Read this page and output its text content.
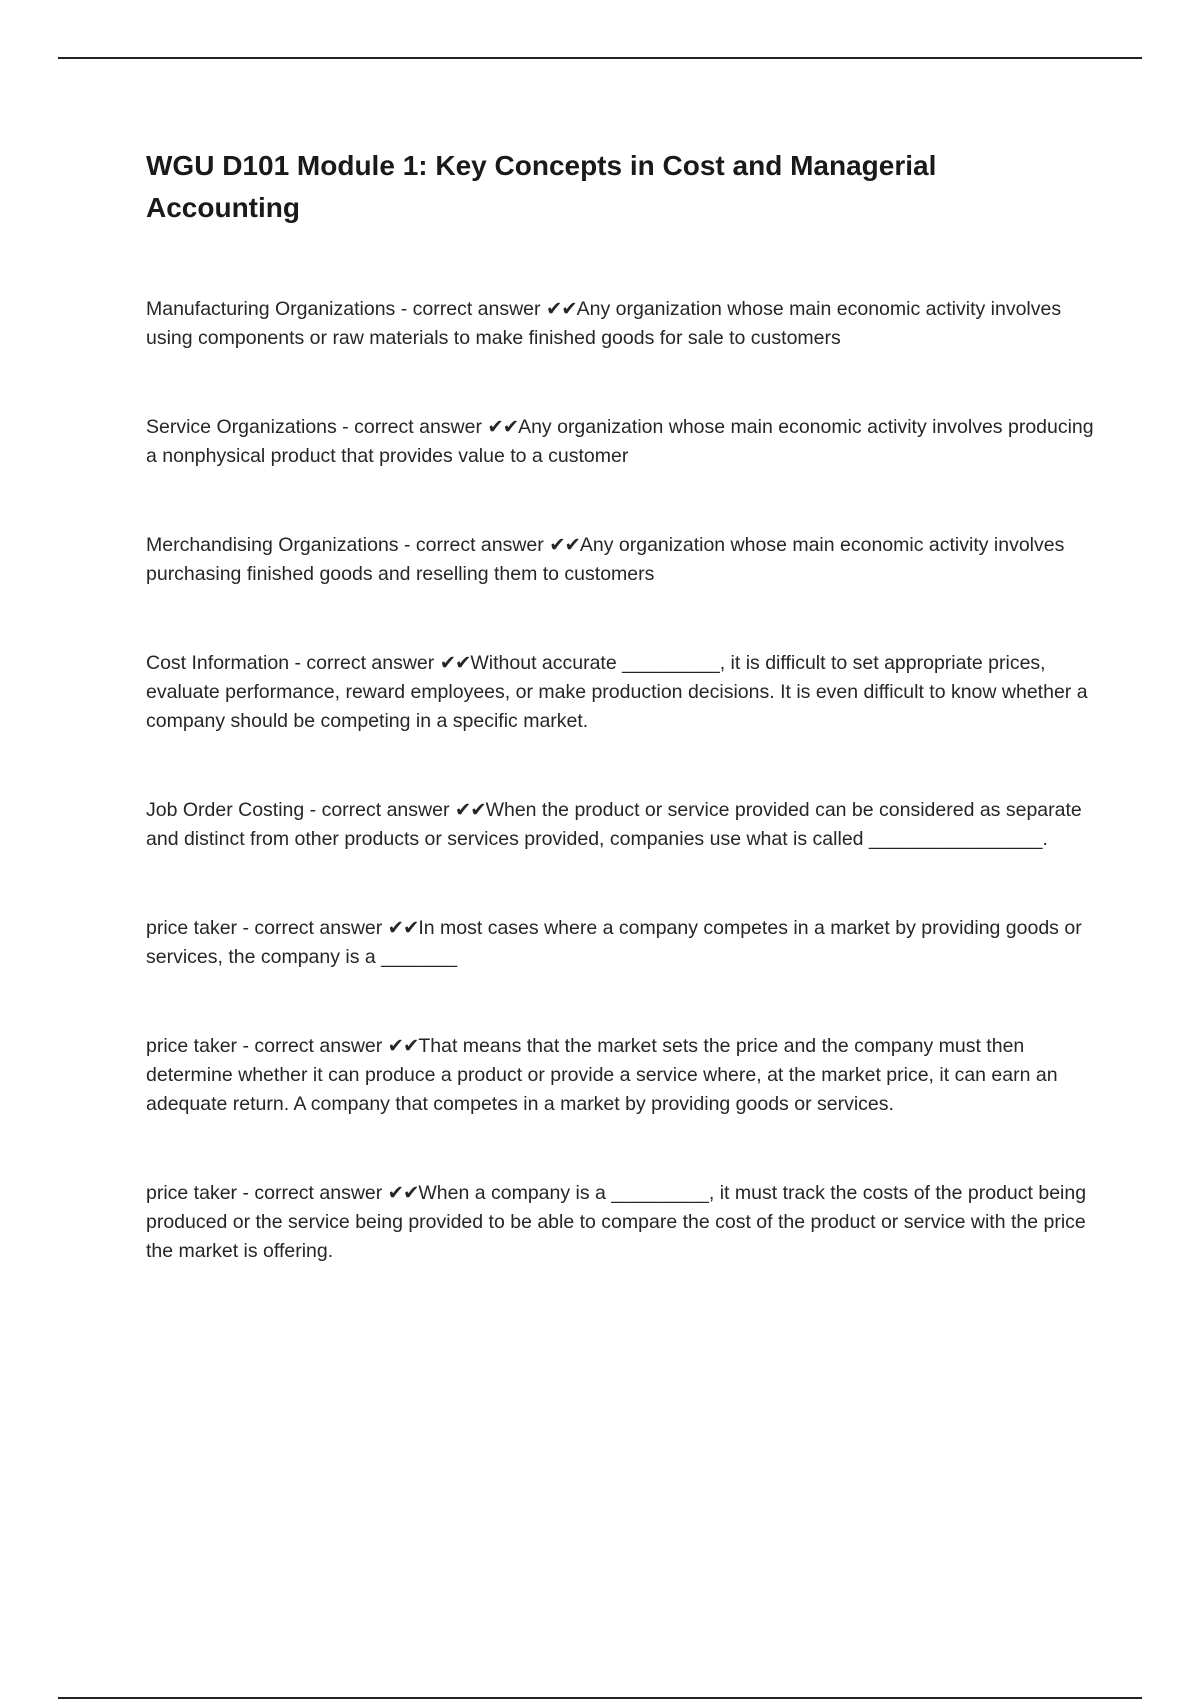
WGU D101 Module 1: Key Concepts in Cost and Managerial Accounting

Manufacturing Organizations - correct answer ✔✔Any organization whose main economic activity involves using components or raw materials to make finished goods for sale to customers

Service Organizations - correct answer ✔✔Any organization whose main economic activity involves producing a nonphysical product that provides value to a customer

Merchandising Organizations - correct answer ✔✔Any organization whose main economic activity involves purchasing finished goods and reselling them to customers

Cost Information - correct answer ✔✔Without accurate _________, it is difficult to set appropriate prices, evaluate performance, reward employees, or make production decisions. It is even difficult to know whether a company should be competing in a specific market.

Job Order Costing - correct answer ✔✔When the product or service provided can be considered as separate and distinct from other products or services provided, companies use what is called ________________.

price taker - correct answer ✔✔In most cases where a company competes in a market by providing goods or services, the company is a _______

price taker - correct answer ✔✔That means that the market sets the price and the company must then determine whether it can produce a product or provide a service where, at the market price, it can earn an adequate return. A company that competes in a market by providing goods or services.

price taker - correct answer ✔✔When a company is a _________, it must track the costs of the product being produced or the service being provided to be able to compare the cost of the product or service with the price the market is offering.
